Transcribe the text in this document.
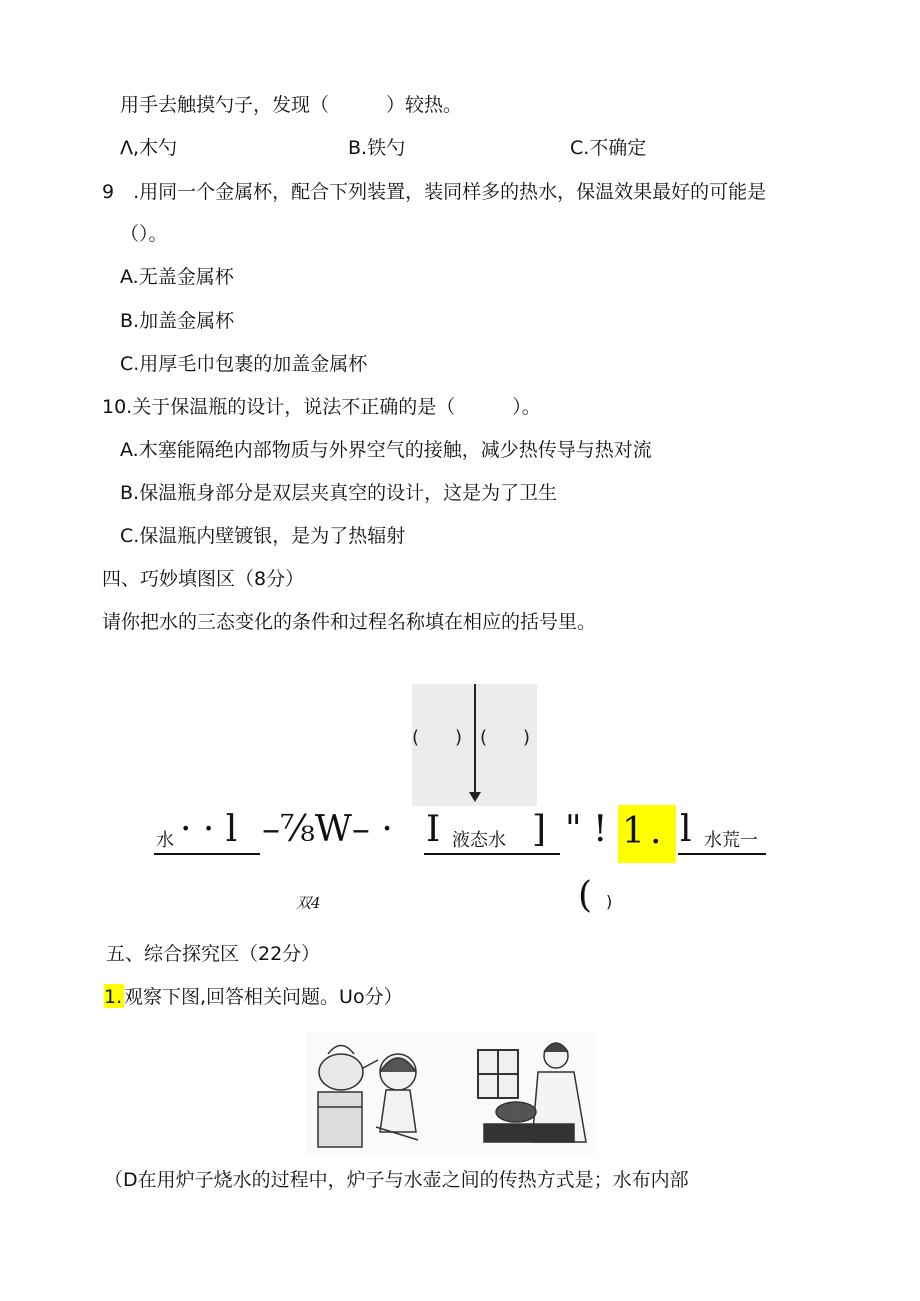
用手去触摸勺子，发现（　　　）较热。
Λ,木勺	B.铁勺	C.不确定
9　.用同一个金属杯，配合下列装置，装同样多的热水，保温效果最好的可能是
（）。
A.无盖金属杯
B.加盖金属杯
C.用厚毛巾包裹的加盖金属杯
10.关于保温瓶的设计，说法不正确的是（　　　）。
A.木塞能隔绝内部物质与外界空气的接触，减少热传导与热对流
B.保温瓶身部分是双层夹真空的设计，这是为了卫生
C.保温瓶内壁镀银，是为了热辐射
四、巧妙填图区（8分）
请你把水的三态变化的条件和过程名称填在相应的括号里。
(　　) (　　)
水 · · l –⅞W– · I 液态水 ] " ! 1 . l 水荒一
双4	( )
五、综合探究区（22分）
1. 观察下图,回答相关问题。Uo分）
（D在用炉子烧水的过程中，炉子与水壶之间的传热方式是；水布内部
